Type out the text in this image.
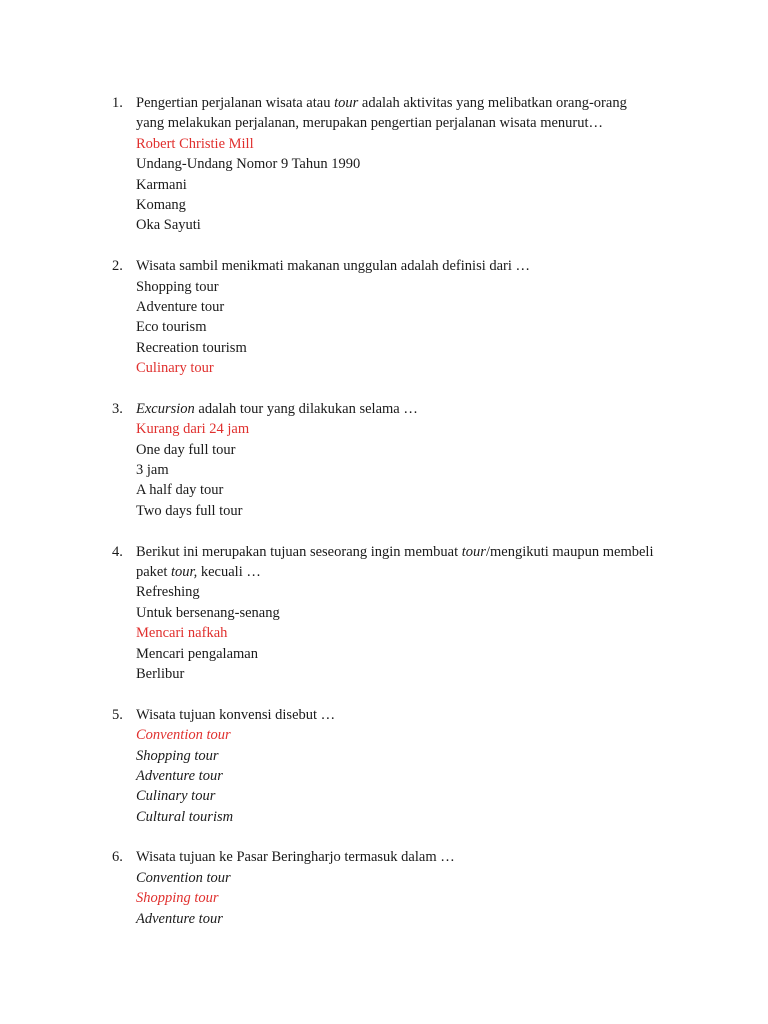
1. Pengertian perjalanan wisata atau tour adalah aktivitas yang melibatkan orang-orang
yang melakukan perjalanan, merupakan pengertian perjalanan wisata menurut…
Robert Christie Mill
Undang-Undang Nomor 9 Tahun 1990
Karmani
Komang
Oka Sayuti
2. Wisata sambil menikmati makanan unggulan adalah definisi dari …
Shopping tour
Adventure tour
Eco tourism
Recreation tourism
Culinary tour
3. Excursion adalah tour yang dilakukan selama …
Kurang dari 24 jam
One day full tour
3 jam
A half day tour
Two days full tour
4. Berikut ini merupakan tujuan seseorang ingin membuat tour/mengikuti maupun membeli
paket tour, kecuali …
Refreshing
Untuk bersenang-senang
Mencari nafkah
Mencari pengalaman
Berlibur
5. Wisata tujuan konvensi disebut …
Convention tour
Shopping tour
Adventure tour
Culinary tour
Cultural tourism
6. Wisata tujuan ke Pasar Beringharjo termasuk dalam …
Convention tour
Shopping tour
Adventure tour
